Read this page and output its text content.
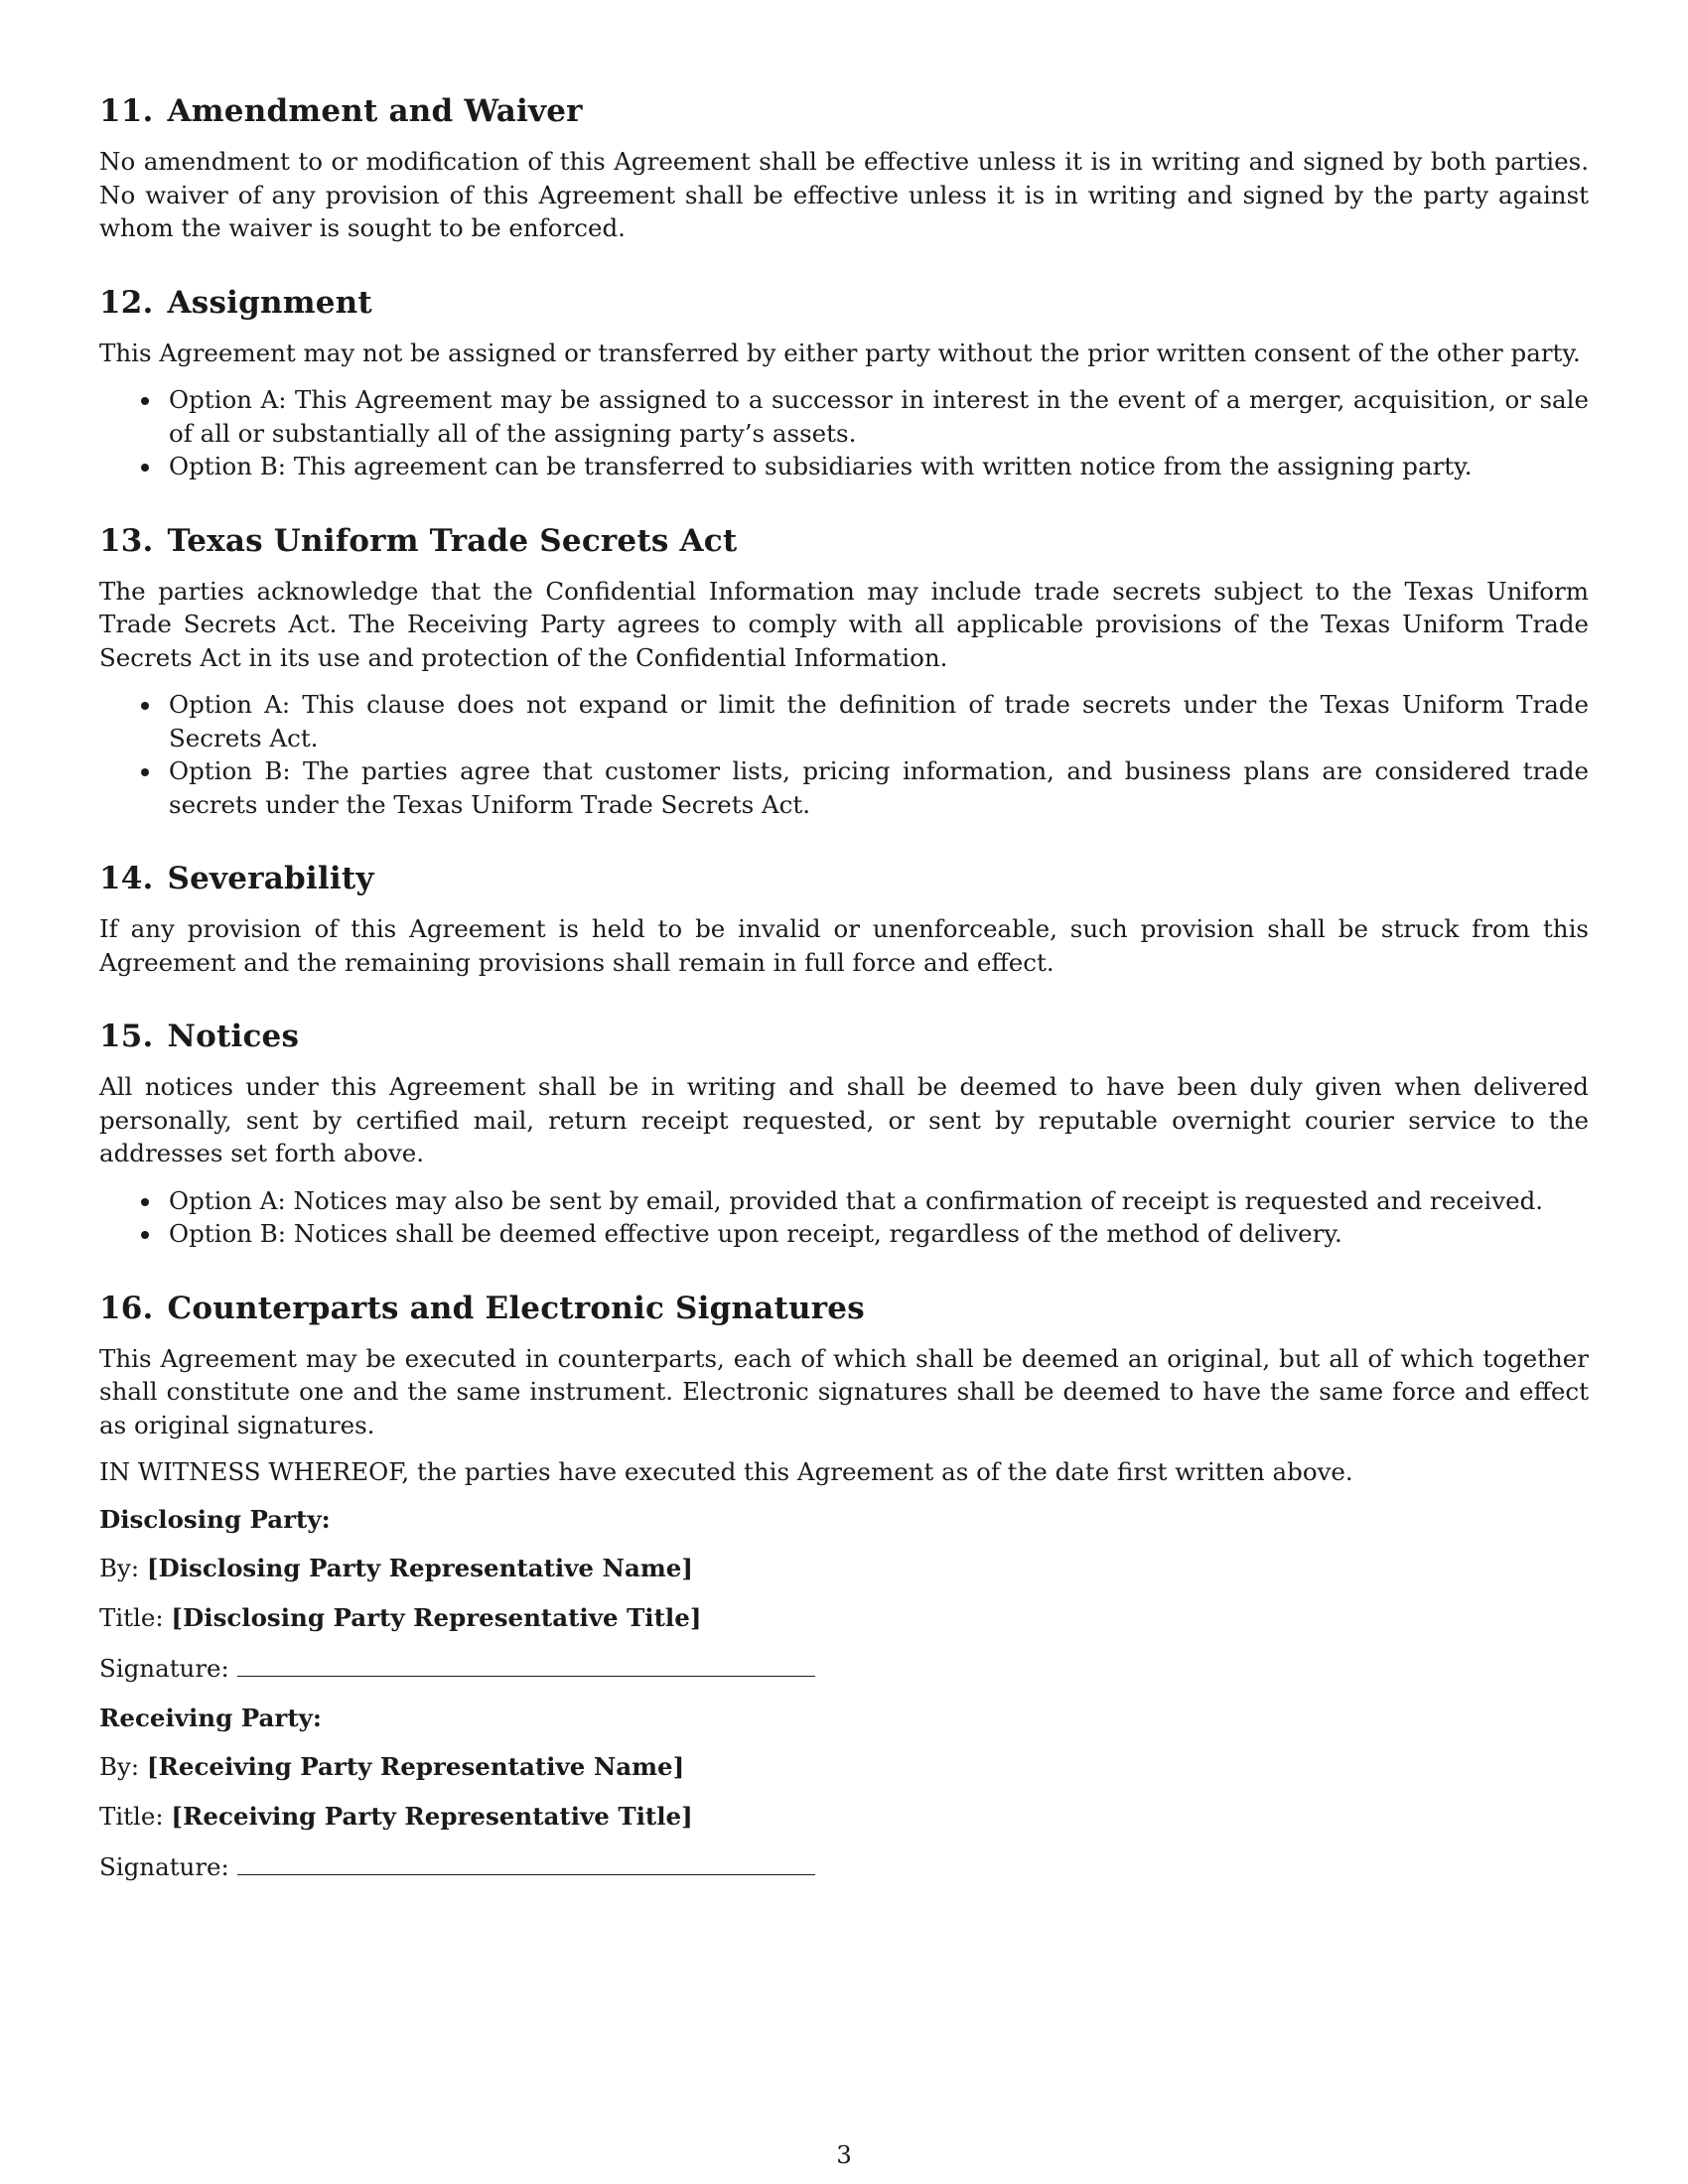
11. Amendment and Waiver

No amendment to or modification of this Agreement shall be effective unless it is in writing and signed by both parties. No waiver of any provision of this Agreement shall be effective unless it is in writing and signed by the party against whom the waiver is sought to be enforced.

12. Assignment

This Agreement may not be assigned or transferred by either party without the prior written consent of the other party.

Option A: This Agreement may be assigned to a successor in interest in the event of a merger, acquisition, or sale of all or substantially all of the assigning party’s assets.
Option B: This agreement can be transferred to subsidiaries with written notice from the assigning party.
13. Texas Uniform Trade Secrets Act

The parties acknowledge that the Confidential Information may include trade secrets subject to the Texas Uniform Trade Secrets Act. The Receiving Party agrees to comply with all applicable provisions of the Texas Uniform Trade Secrets Act in its use and protection of the Confidential Information.

Option A: This clause does not expand or limit the definition of trade secrets under the Texas Uniform Trade Secrets Act.
Option B: The parties agree that customer lists, pricing information, and business plans are considered trade secrets under the Texas Uniform Trade Secrets Act.
14. Severability

If any provision of this Agreement is held to be invalid or unenforceable, such provision shall be struck from this Agreement and the remaining provisions shall remain in full force and effect.

15. Notices

All notices under this Agreement shall be in writing and shall be deemed to have been duly given when delivered personally, sent by certified mail, return receipt requested, or sent by reputable overnight courier service to the addresses set forth above.

Option A: Notices may also be sent by email, provided that a confirmation of receipt is requested and received.
Option B: Notices shall be deemed effective upon receipt, regardless of the method of delivery.
16. Counterparts and Electronic Signatures

This Agreement may be executed in counterparts, each of which shall be deemed an original, but all of which together shall constitute one and the same instrument. Electronic signatures shall be deemed to have the same force and effect as original signatures.

IN WITNESS WHEREOF, the parties have executed this Agreement as of the date first written above.

Disclosing Party:

By: [Disclosing Party Representative Name]

Title: [Disclosing Party Representative Title]

Signature:

Receiving Party:

By: [Receiving Party Representative Name]

Title: [Receiving Party Representative Title]

Signature:

3
